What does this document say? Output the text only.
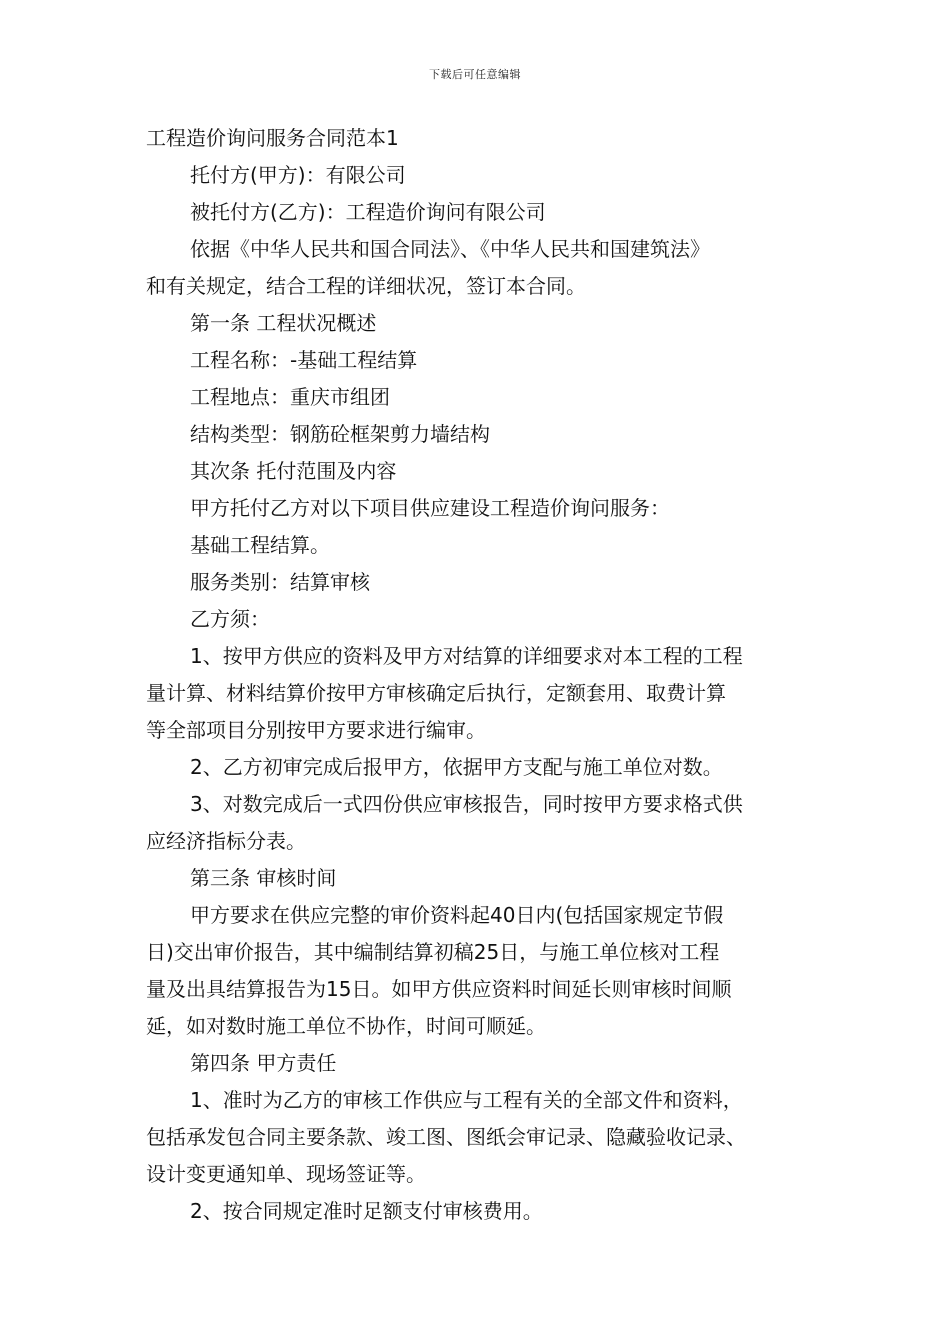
下载后可任意编辑
工程造价询问服务合同范本1
托付方(甲方)：有限公司
被托付方(乙方)：工程造价询问有限公司
依据《中华人民共和国合同法》、《中华人民共和国建筑法》
和有关规定，结合工程的详细状况，签订本合同。
第一条 工程状况概述
工程名称：-基础工程结算
工程地点：重庆市组团
结构类型：钢筋砼框架剪力墙结构
其次条 托付范围及内容
甲方托付乙方对以下项目供应建设工程造价询问服务：
基础工程结算。
服务类别：结算审核
乙方须：
1、按甲方供应的资料及甲方对结算的详细要求对本工程的工程
量计算、材料结算价按甲方审核确定后执行，定额套用、取费计算
等全部项目分别按甲方要求进行编审。
2、乙方初审完成后报甲方，依据甲方支配与施工单位对数。
3、对数完成后一式四份供应审核报告，同时按甲方要求格式供
应经济指标分表。
第三条 审核时间
甲方要求在供应完整的审价资料起40日内(包括国家规定节假
日)交出审价报告，其中编制结算初稿25日，与施工单位核对工程
量及出具结算报告为15日。如甲方供应资料时间延长则审核时间顺
延，如对数时施工单位不协作，时间可顺延。
第四条 甲方责任
1、准时为乙方的审核工作供应与工程有关的全部文件和资料，
包括承发包合同主要条款、竣工图、图纸会审记录、隐藏验收记录、
设计变更通知单、现场签证等。
2、按合同规定准时足额支付审核费用。
